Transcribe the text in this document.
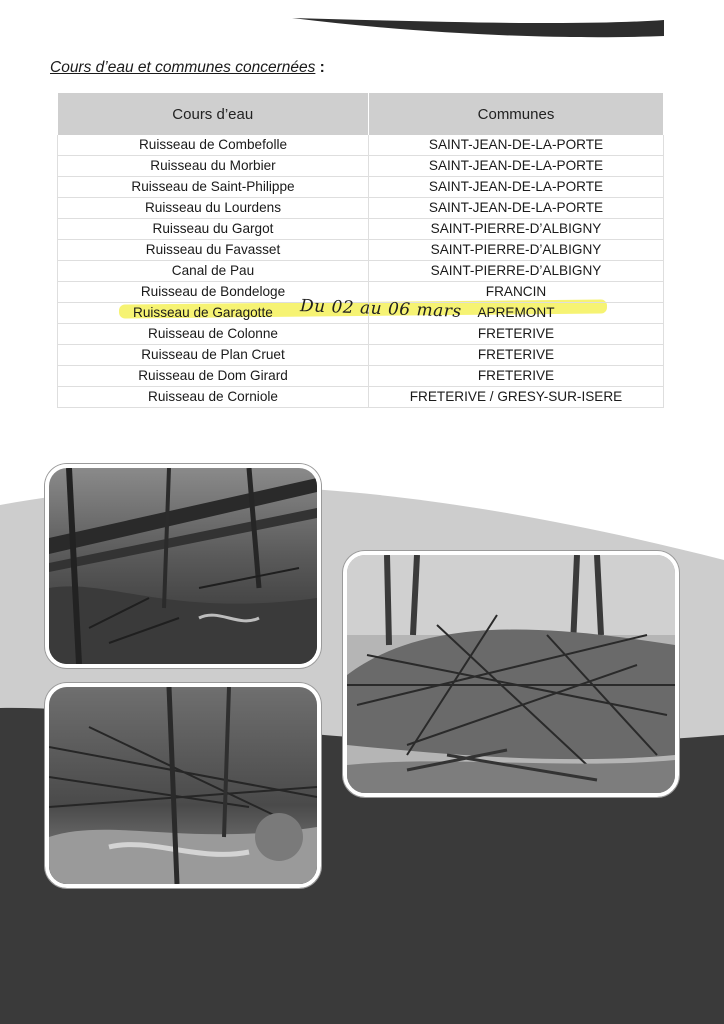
Cours d’eau et communes concernées :
Cours d’eau	Communes
Ruisseau de Combefolle	SAINT-JEAN-DE-LA-PORTE
Ruisseau du Morbier	SAINT-JEAN-DE-LA-PORTE
Ruisseau de Saint-Philippe	SAINT-JEAN-DE-LA-PORTE
Ruisseau du Lourdens	SAINT-JEAN-DE-LA-PORTE
Ruisseau du Gargot	SAINT-PIERRE-D’ALBIGNY
Ruisseau du Favasset	SAINT-PIERRE-D’ALBIGNY
Canal de Pau	SAINT-PIERRE-D’ALBIGNY
Ruisseau de Bondeloge	FRANCIN
Ruisseau de Garagotte	APREMONT
Ruisseau de Colonne	FRETERIVE
Ruisseau de Plan Cruet	FRETERIVE
Ruisseau de Dom Girard	FRETERIVE
Ruisseau de Corniole	FRETERIVE / GRESY-SUR-ISERE

Du 02 au 06 mars
